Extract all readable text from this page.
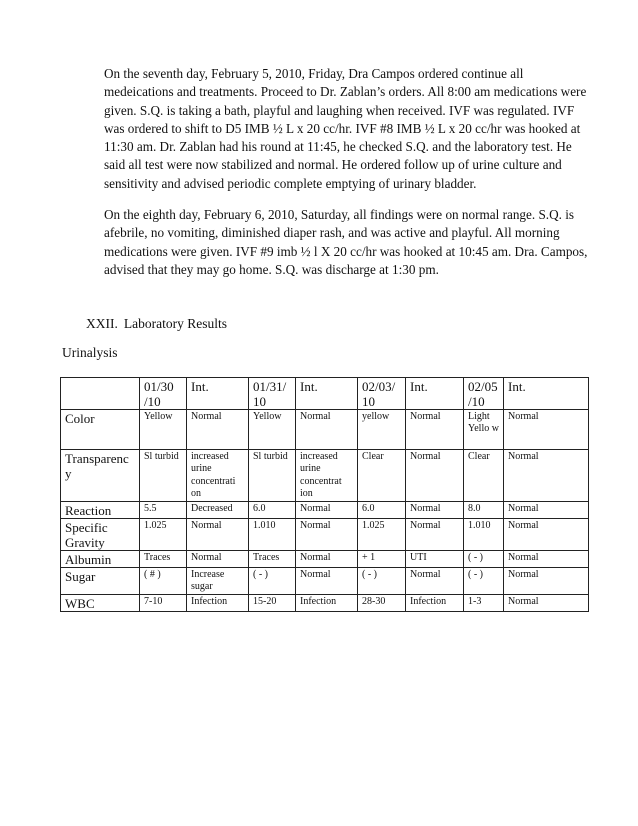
On the seventh day, February 5, 2010, Friday, Dra Campos ordered continue all medeications and treatments. Proceed to Dr. Zablan’s orders. All 8:00 am medications were given. S.Q. is taking a bath, playful and laughing when received. IVF was regulated. IVF was ordered to shift to D5 IMB ½ L x 20 cc/hr. IVF #8 IMB ½ L x 20 cc/hr was hooked at 11:30 am. Dr. Zablan had his round at 11:45, he checked S.Q. and the laboratory test. He said all test were now stabilized and normal. He ordered follow up of urine culture and sensitivity and advised periodic complete emptying of urinary bladder.

On the eighth day, February 6, 2010, Saturday, all findings were on normal range. S.Q. is afebrile, no vomiting, diminished diaper rash, and was active and playful. All morning medications were given. IVF #9 imb ½ l X 20 cc/hr was hooked at 10:45 am. Dra. Campos, advised that they may go home. S.Q. was discharge at 1:30 pm.

XXII. Laboratory Results

Urinalysis

	01/30 /10	Int.	01/31/ 10	Int.	02/03/ 10	Int.	02/05 /10	Int.
Color	Yellow	Normal	Yellow	Normal	yellow	Normal	Light Yello w	Normal
Transparenc y	Sl turbid	increased urine concentrati on	Sl turbid	increased urine concentrat ion	Clear	Normal	Clear	Normal
Reaction	5.5	Decreased	6.0	Normal	6.0	Normal	8.0	Normal
Specific Gravity	1.025	Normal	1.010	Normal	1.025	Normal	1.010	Normal
Albumin	Traces	Normal	Traces	Normal	+ 1	UTI	( - )	Normal
Sugar	( # )	Increase sugar	( - )	Normal	( - )	Normal	( - )	Normal
WBC	7-10	Infection	15-20	Infection	28-30	Infection	1-3	Normal
